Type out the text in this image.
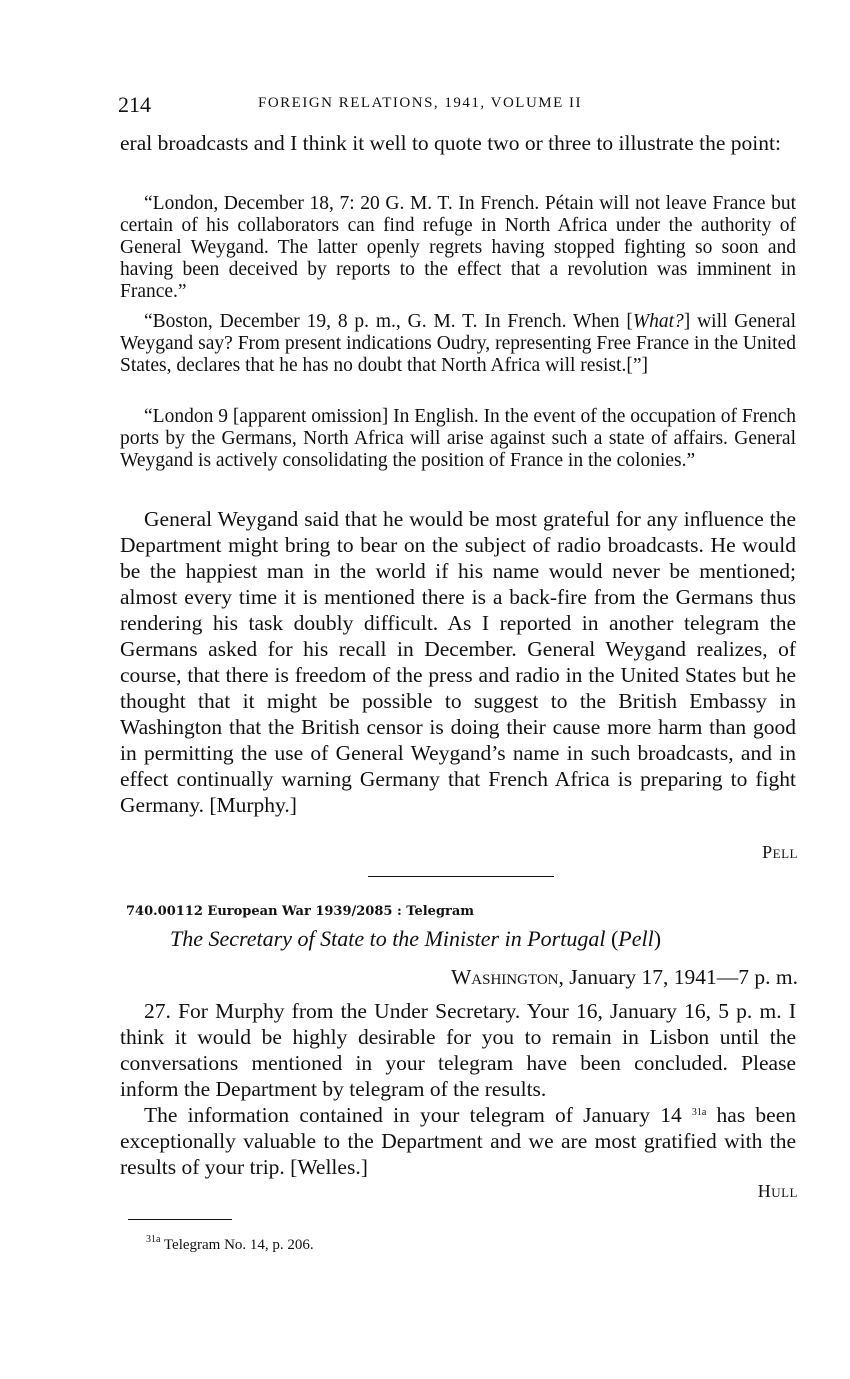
214	FOREIGN RELATIONS, 1941, VOLUME II
eral broadcasts and I think it well to quote two or three to illustrate the point:
“London, December 18, 7: 20 G. M. T. In French. Pétain will not leave France but certain of his collaborators can find refuge in North Africa under the authority of General Weygand. The latter openly regrets having stopped fighting so soon and having been deceived by reports to the effect that a revolution was imminent in France.”
“Boston, December 19, 8 p. m., G. M. T. In French. When [What?] will General Weygand say? From present indications Oudry, representing Free France in the United States, declares that he has no doubt that North Africa will resist.[”]
“London 9 [apparent omission] In English. In the event of the occupation of French ports by the Germans, North Africa will arise against such a state of affairs. General Weygand is actively consolidating the position of France in the colonies.”
General Weygand said that he would be most grateful for any influence the Department might bring to bear on the subject of radio broadcasts. He would be the happiest man in the world if his name would never be mentioned; almost every time it is mentioned there is a back-fire from the Germans thus rendering his task doubly difficult. As I reported in another telegram the Germans asked for his recall in December. General Weygand realizes, of course, that there is freedom of the press and radio in the United States but he thought that it might be possible to suggest to the British Embassy in Washington that the British censor is doing their cause more harm than good in permitting the use of General Weygand’s name in such broadcasts, and in effect continually warning Germany that French Africa is preparing to fight Germany. [Murphy.]
Pell
740.00112 European War 1939/2085 : Telegram
The Secretary of State to the Minister in Portugal (Pell)
Washington, January 17, 1941—7 p. m.
27. For Murphy from the Under Secretary. Your 16, January 16, 5 p. m. I think it would be highly desirable for you to remain in Lisbon until the conversations mentioned in your telegram have been concluded. Please inform the Department by telegram of the results.
The information contained in your telegram of January 14 $^{31a}$ has been exceptionally valuable to the Department and we are most gratified with the results of your trip. [Welles.]
Hull
$^{31a}$ Telegram No. 14, p. 206.
